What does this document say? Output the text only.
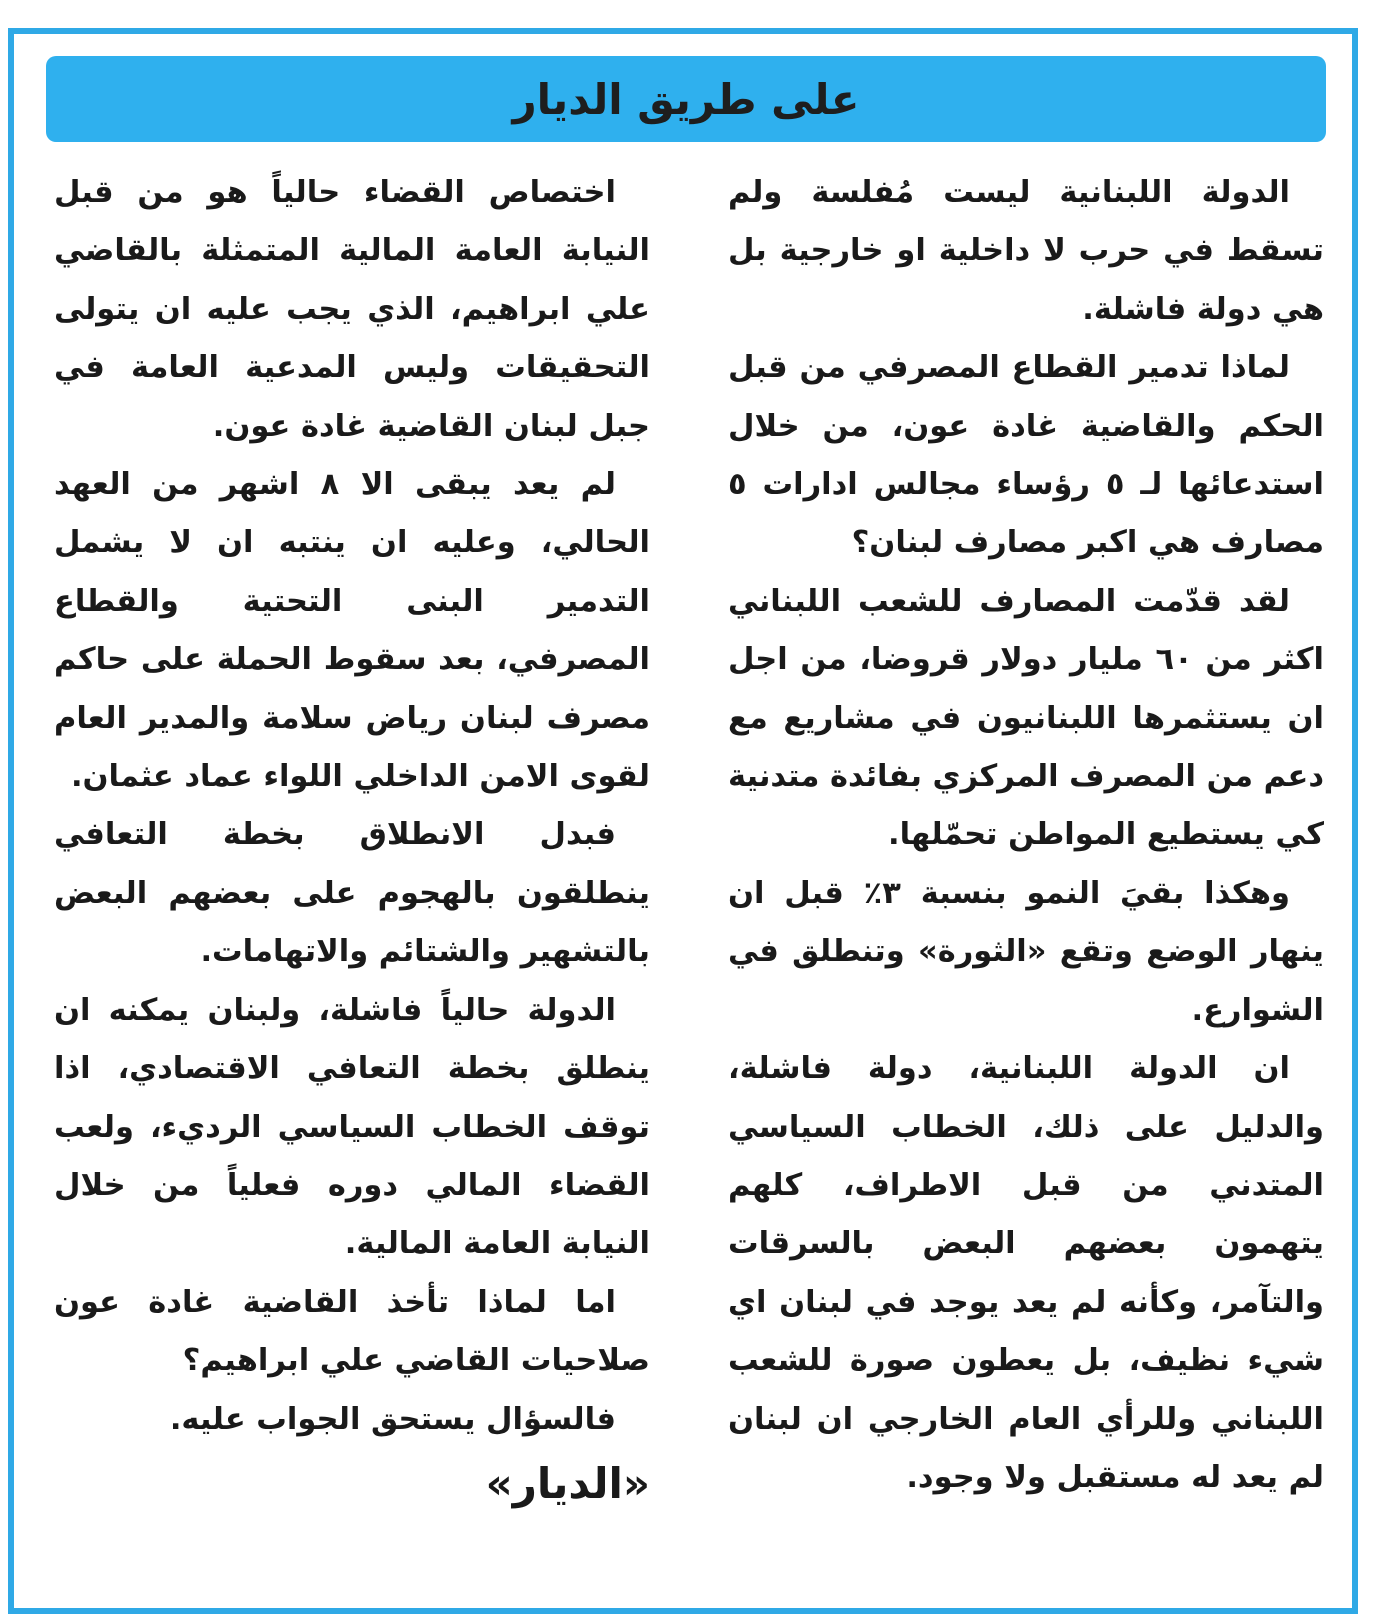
على طريق الديار

الدولة اللبنانية ليست مُفلسة ولم تسقط في حرب لا داخلية او خارجية بل هي دولة فاشلة.

لماذا تدمير القطاع المصرفي من قبل الحكم والقاضية غادة عون، من خلال استدعائها لـ ٥ رؤساء مجالس ادارات ٥ مصارف هي اكبر مصارف لبنان؟

لقد قدّمت المصارف للشعب اللبناني اكثر من ٦٠ مليار دولار قروضا، من اجل ان يستثمرها اللبنانيون في مشاريع مع دعم من المصرف المركزي بفائدة متدنية كي يستطيع المواطن تحمّلها.

وهكذا بقيَ النمو بنسبة ٣٪ قبل ان ينهار الوضع وتقع «الثورة» وتنطلق في الشوارع.

ان الدولة اللبنانية، دولة فاشلة، والدليل على ذلك، الخطاب السياسي المتدني من قبل الاطراف، كلهم يتهمون بعضهم البعض بالسرقات والتآمر، وكأنه لم يعد يوجد في لبنان اي شيء نظيف، بل يعطون صورة للشعب اللبناني وللرأي العام الخارجي ان لبنان لم يعد له مستقبل ولا وجود.

اختصاص القضاء حالياً هو من قبل النيابة العامة المالية المتمثلة بالقاضي علي ابراهيم، الذي يجب عليه ان يتولى التحقيقات وليس المدعية العامة في جبل لبنان القاضية غادة عون.

لم يعد يبقى الا ٨ اشهر من العهد الحالي، وعليه ان ينتبه ان لا يشمل التدمير البنى التحتية والقطاع المصرفي، بعد سقوط الحملة على حاكم مصرف لبنان رياض سلامة والمدير العام لقوى الامن الداخلي اللواء عماد عثمان.

فبدل الانطلاق بخطة التعافي ينطلقون بالهجوم على بعضهم البعض بالتشهير والشتائم والاتهامات.

الدولة حالياً فاشلة، ولبنان يمكنه ان ينطلق بخطة التعافي الاقتصادي، اذا توقف الخطاب السياسي الرديء، ولعب القضاء المالي دوره فعلياً من خلال النيابة العامة المالية.

اما لماذا تأخذ القاضية غادة عون صلاحيات القاضي علي ابراهيم؟

فالسؤال يستحق الجواب عليه.

«الديار»
